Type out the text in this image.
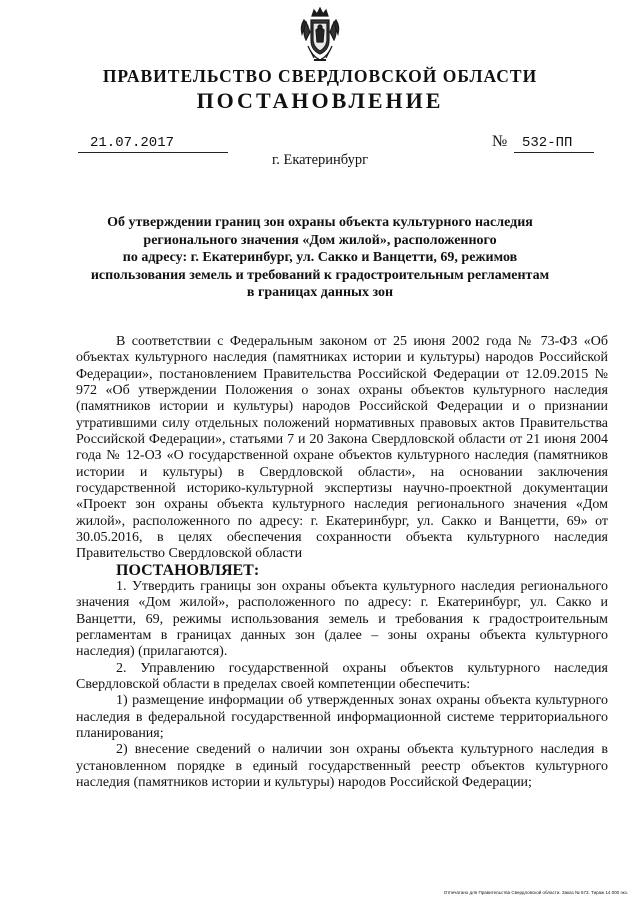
ПРАВИТЕЛЬСТВО СВЕРДЛОВСКОЙ ОБЛАСТИ
ПОСТАНОВЛЕНИЕ
21.07.2017	№	532-ПП
г. Екатеринбург
Об утверждении границ зон охраны объекта культурного наследия
регионального значения «Дом жилой», расположенного
по адресу: г. Екатеринбург, ул. Сакко и Ванцетти, 69, режимов
использования земель и требований к градостроительным регламентам
в границах данных зон

В соответствии с Федеральным законом от 25 июня 2002 года № 73-ФЗ «Об объектах культурного наследия (памятниках истории и культуры) народов Российской Федерации», постановлением Правительства Российской Федерации от 12.09.2015 № 972 «Об утверждении Положения о зонах охраны объектов культурного наследия (памятников истории и культуры) народов Российской Федерации и о признании утратившими силу отдельных положений нормативных правовых актов Правительства Российской Федерации», статьями 7 и 20 Закона Свердловской области от 21 июня 2004 года № 12-ОЗ «О государственной охране объектов культурного наследия (памятников истории и культуры) в Свердловской области», на основании заключения государственной историко-культурной экспертизы научно-проектной документации «Проект зон охраны объекта культурного наследия регионального значения «Дом жилой», расположенного по адресу: г. Екатеринбург, ул. Сакко и Ванцетти, 69» от 30.05.2016, в целях обеспечения сохранности объекта культурного наследия Правительство Свердловской области

ПОСТАНОВЛЯЕТ:

1. Утвердить границы зон охраны объекта культурного наследия регионального значения «Дом жилой», расположенного по адресу: г. Екатеринбург, ул. Сакко и Ванцетти, 69, режимы использования земель и требования к градостроительным регламентам в границах данных зон (далее – зоны охраны объекта культурного наследия) (прилагаются).

2. Управлению государственной охраны объектов культурного наследия Свердловской области в пределах своей компетенции обеспечить:

1) размещение информации об утвержденных зонах охраны объекта культурного наследия в федеральной государственной информационной системе территориального планирования;

2) внесение сведений о наличии зон охраны объекта культурного наследия в установленном порядке в единый государственный реестр объектов культурного наследия (памятников истории и культуры) народов Российской Федерации;

Отпечатано для Правительства Свердловской области. Заказ № 573. Тираж 14 000 экз.
